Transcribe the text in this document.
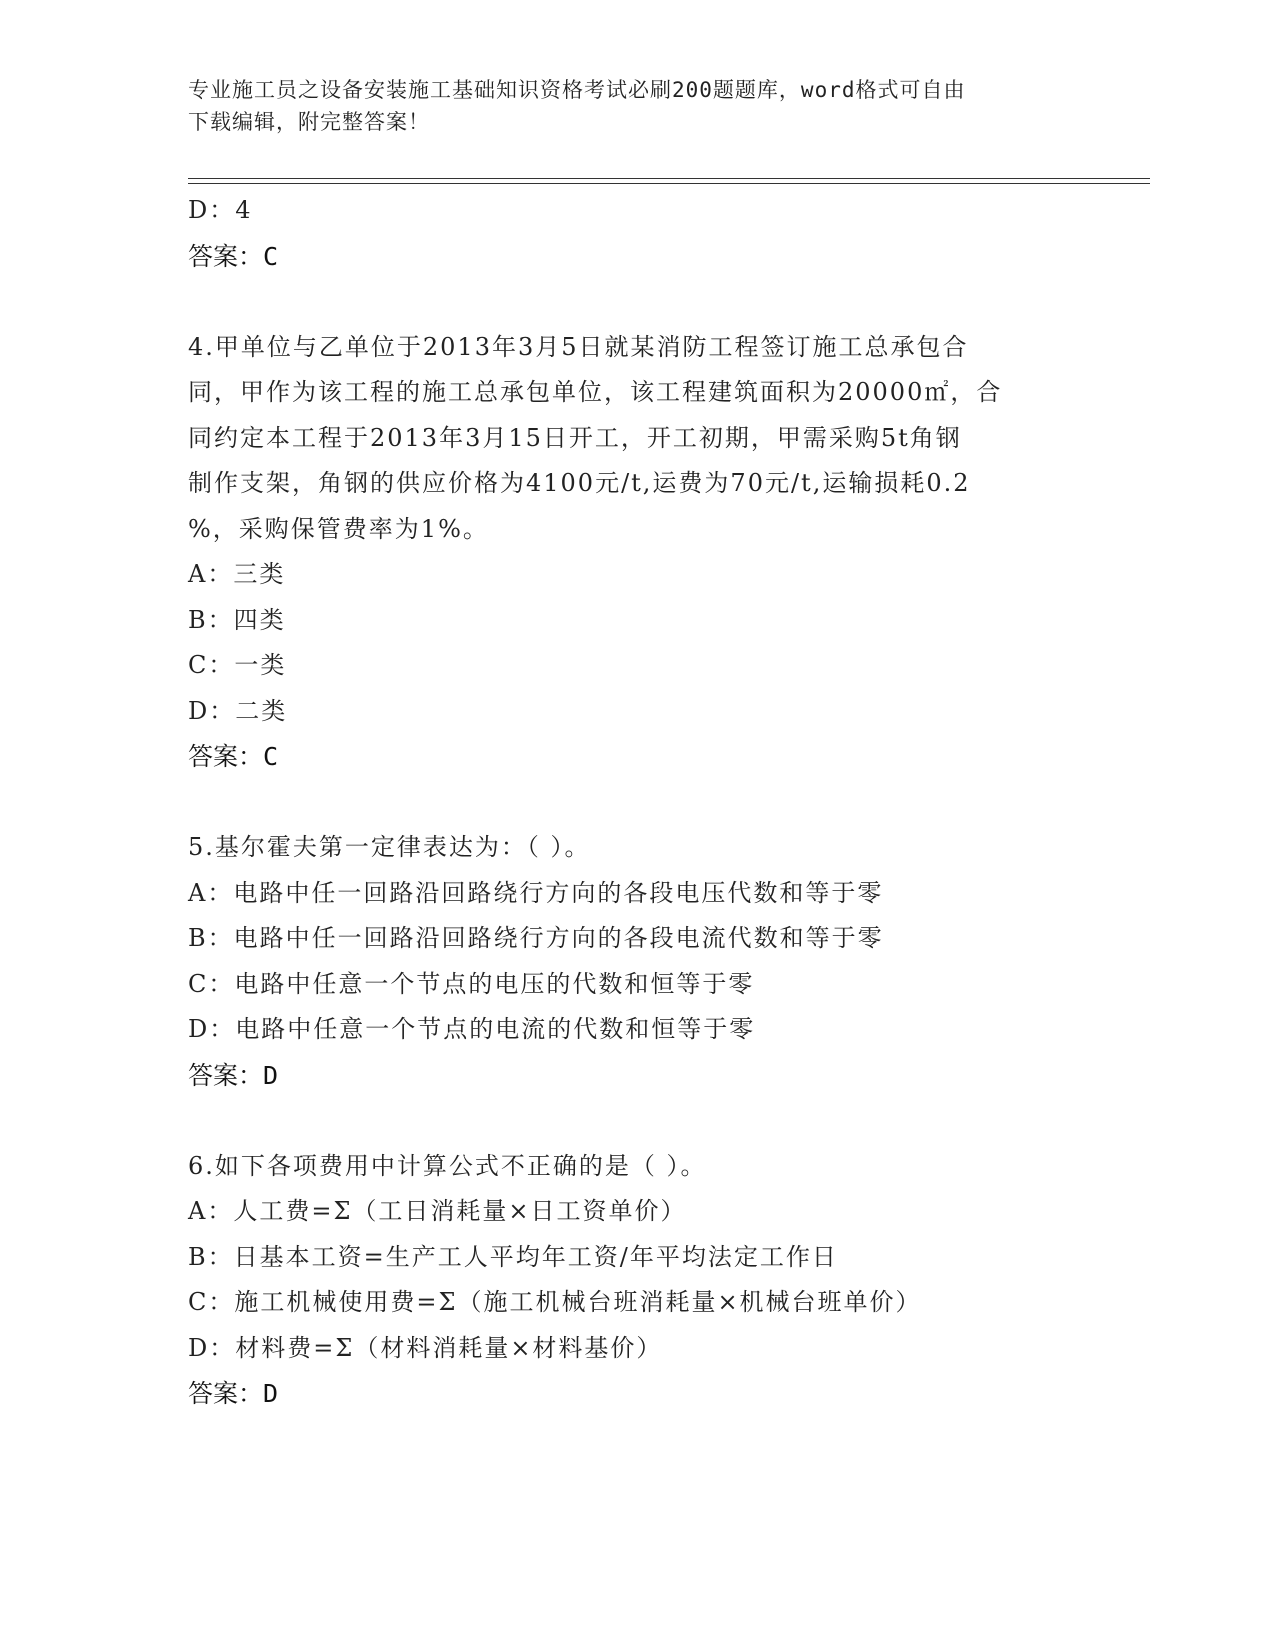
专业施工员之设备安装施工基础知识资格考试必刷200题题库，word格式可自由
下载编辑，附完整答案！
D：4
答案：C
4.甲单位与乙单位于2013年3月5日就某消防工程签订施工总承包合
同，甲作为该工程的施工总承包单位，该工程建筑面积为20000㎡，合
同约定本工程于2013年3月15日开工，开工初期，甲需采购5t角钢
制作支架，角钢的供应价格为4100元/t,运费为70元/t,运输损耗0.2
%，采购保管费率为1%。
A：三类
B：四类
C：一类
D：二类
答案：C
5.基尔霍夫第一定律表达为：（ ）。
A：电路中任一回路沿回路绕行方向的各段电压代数和等于零
B：电路中任一回路沿回路绕行方向的各段电流代数和等于零
C：电路中任意一个节点的电压的代数和恒等于零
D：电路中任意一个节点的电流的代数和恒等于零
答案：D
6.如下各项费用中计算公式不正确的是（ ）。
A：人工费=Σ（工日消耗量×日工资单价）
B：日基本工资=生产工人平均年工资/年平均法定工作日
C：施工机械使用费=Σ（施工机械台班消耗量×机械台班单价）
D：材料费=Σ（材料消耗量×材料基价）
答案：D
